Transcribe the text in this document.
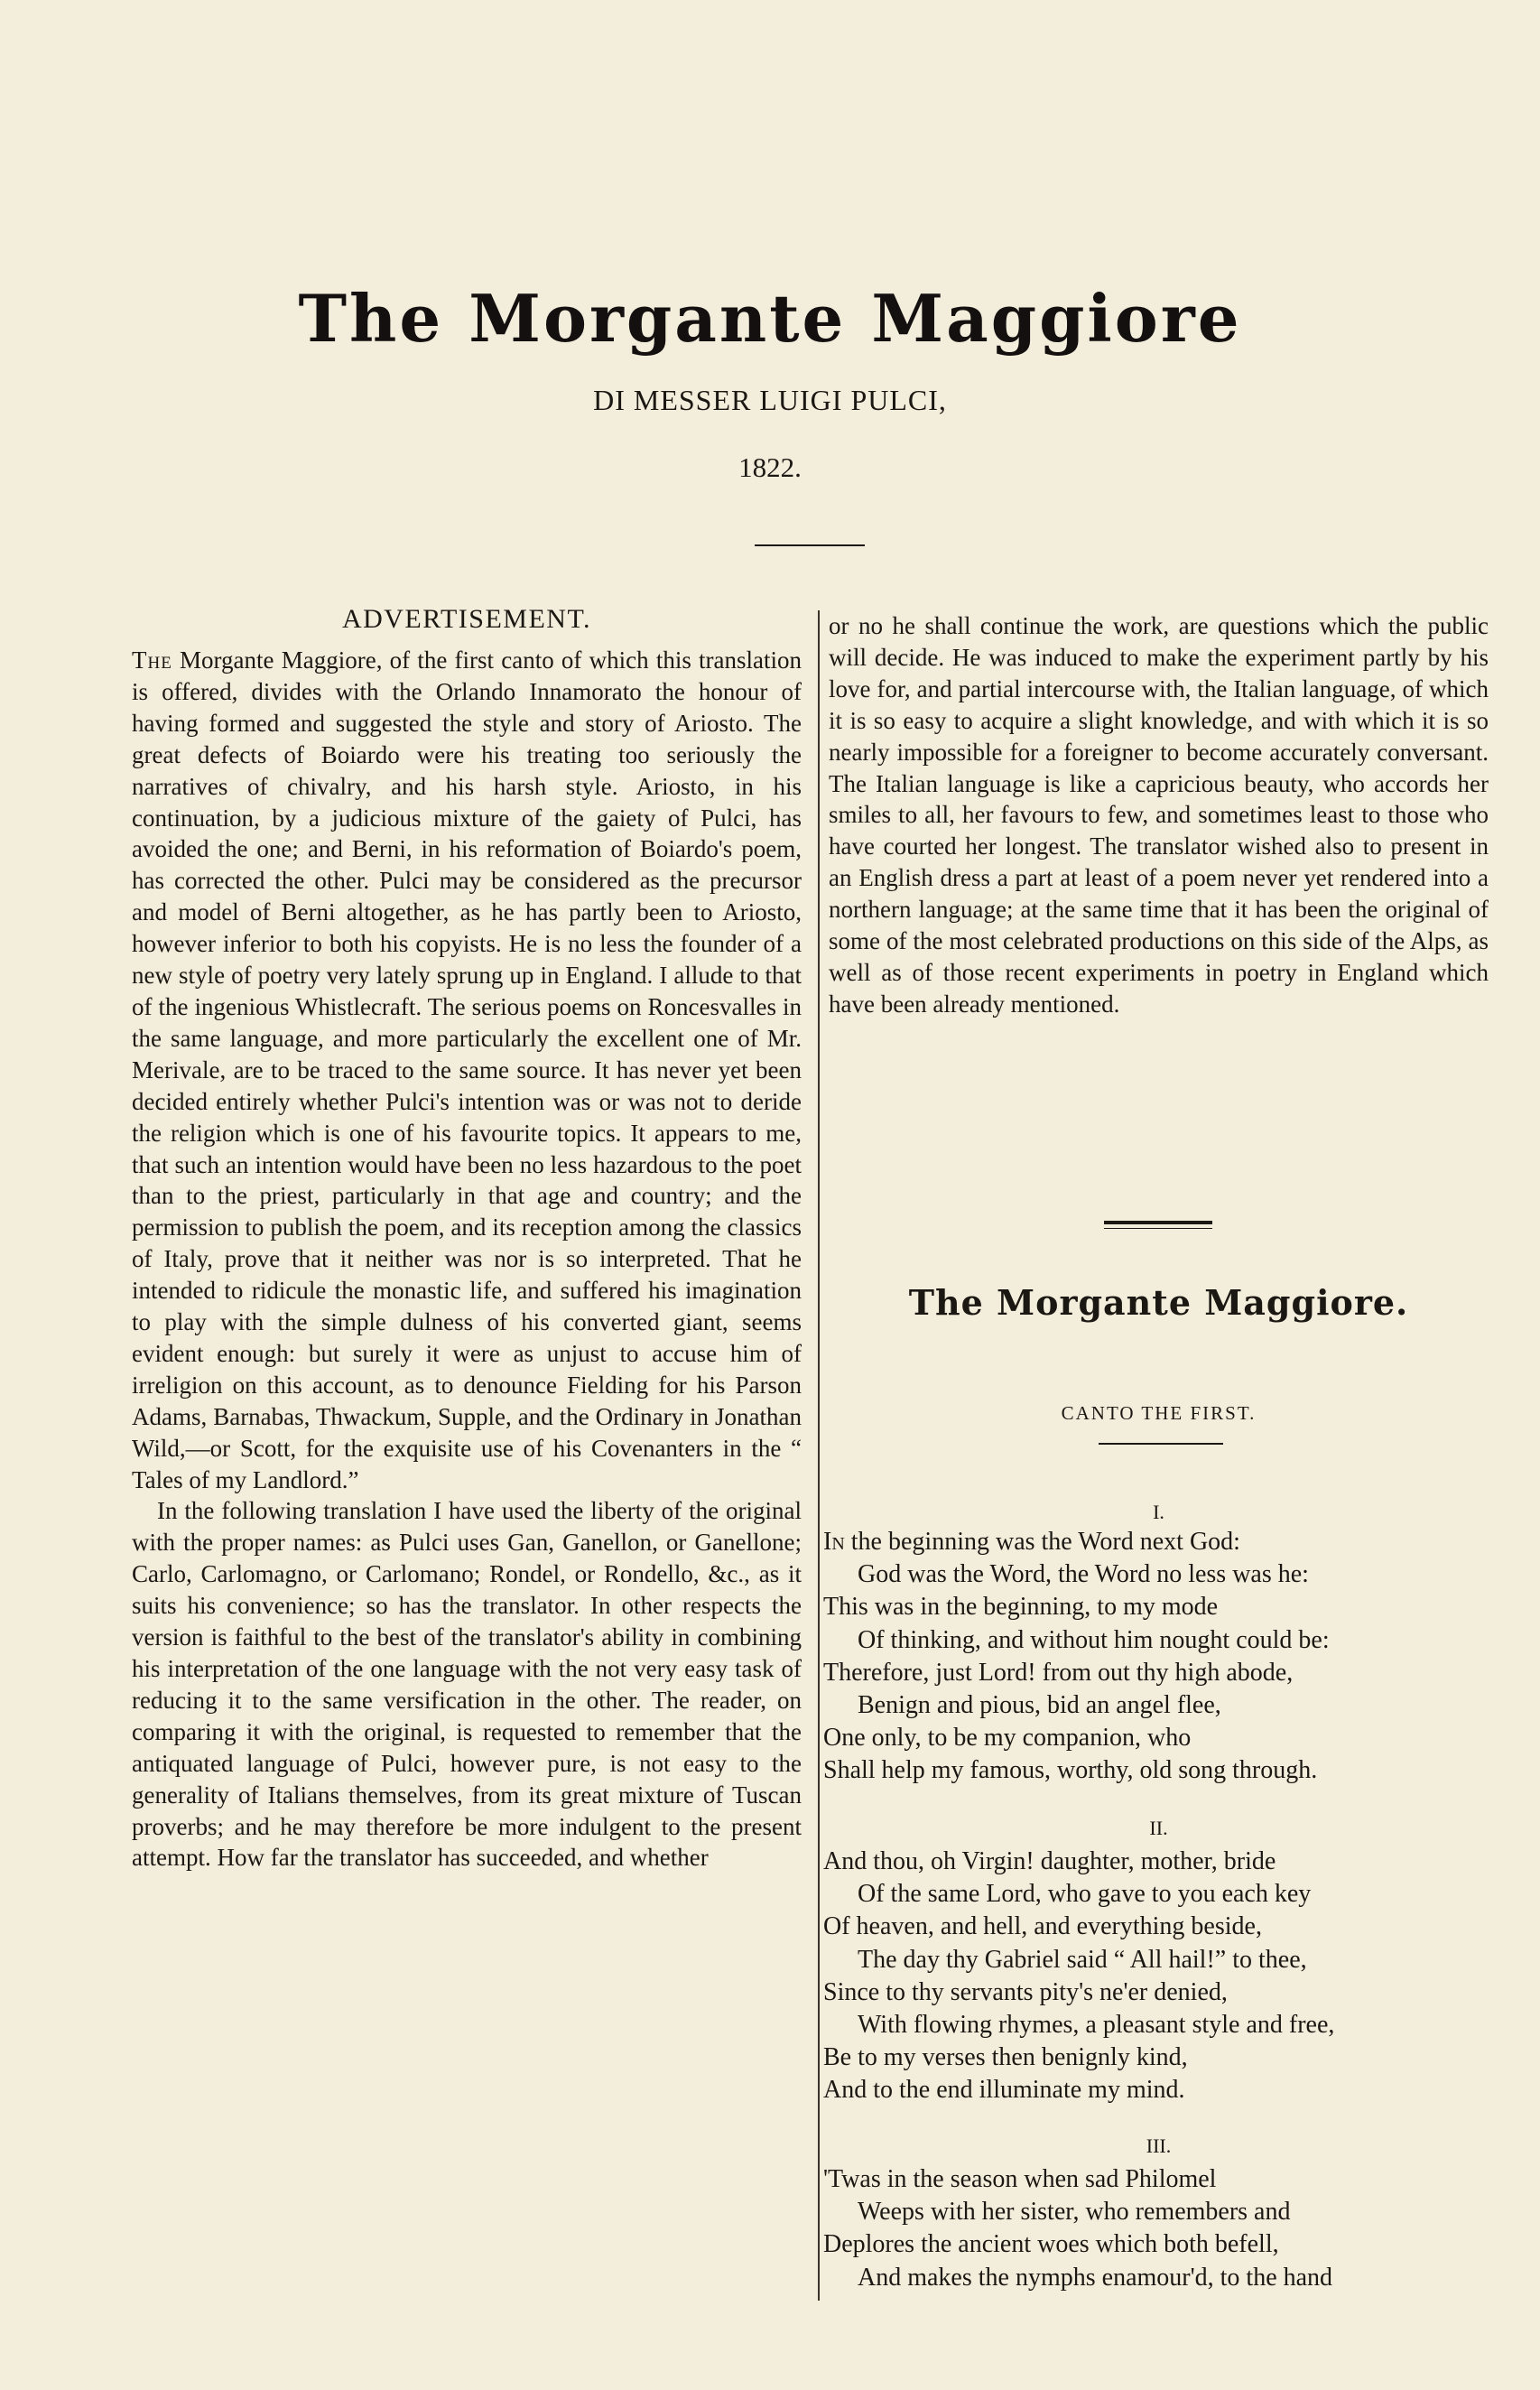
The Morgante Maggiore
DI MESSER LUIGI PULCI,
1822.
ADVERTISEMENT.

The Morgante Maggiore, of the first canto of which this translation is offered, divides with the Orlando Innamorato the honour of having formed and suggested the style and story of Ariosto. The great defects of Boiardo were his treating too seriously the narratives of chivalry, and his harsh style. Ariosto, in his continuation, by a judicious mixture of the gaiety of Pulci, has avoided the one; and Berni, in his reformation of Boiardo's poem, has corrected the other. Pulci may be considered as the precursor and model of Berni altogether, as he has partly been to Ariosto, however inferior to both his copyists. He is no less the founder of a new style of poetry very lately sprung up in England. I allude to that of the ingenious Whistlecraft. The serious poems on Roncesvalles in the same language, and more particularly the excellent one of Mr. Merivale, are to be traced to the same source. It has never yet been decided entirely whether Pulci's intention was or was not to deride the religion which is one of his favourite topics. It appears to me, that such an intention would have been no less hazardous to the poet than to the priest, particularly in that age and country; and the permission to publish the poem, and its reception among the classics of Italy, prove that it neither was nor is so interpreted. That he intended to ridicule the monastic life, and suffered his imagination to play with the simple dulness of his converted giant, seems evident enough: but surely it were as unjust to accuse him of irreligion on this account, as to denounce Fielding for his Parson Adams, Barnabas, Thwackum, Supple, and the Ordinary in Jonathan Wild,—or Scott, for the exquisite use of his Covenanters in the “ Tales of my Landlord.”

In the following translation I have used the liberty of the original with the proper names: as Pulci uses Gan, Ganellon, or Ganellone; Carlo, Carlomagno, or Carlomano; Rondel, or Rondello, &c., as it suits his convenience; so has the translator. In other respects the version is faithful to the best of the translator's ability in combining his interpretation of the one language with the not very easy task of reducing it to the same versification in the other. The reader, on comparing it with the original, is requested to remember that the antiquated language of Pulci, however pure, is not easy to the generality of Italians themselves, from its great mixture of Tuscan proverbs; and he may therefore be more indulgent to the present attempt. How far the translator has succeeded, and whether

or no he shall continue the work, are questions which the public will decide. He was induced to make the experiment partly by his love for, and partial intercourse with, the Italian language, of which it is so easy to acquire a slight knowledge, and with which it is so nearly impossible for a foreigner to become accurately conversant. The Italian language is like a capricious beauty, who accords her smiles to all, her favours to few, and sometimes least to those who have courted her longest. The translator wished also to present in an English dress a part at least of a poem never yet rendered into a northern language; at the same time that it has been the original of some of the most celebrated productions on this side of the Alps, as well as of those recent experiments in poetry in England which have been already mentioned.

The Morgante Maggiore.
CANTO THE FIRST.
I.
In the beginning was the Word next God:
God was the Word, the Word no less was he:
This was in the beginning, to my mode
Of thinking, and without him nought could be:
Therefore, just Lord! from out thy high abode,
Benign and pious, bid an angel flee,
One only, to be my companion, who
Shall help my famous, worthy, old song through.
II.
And thou, oh Virgin! daughter, mother, bride
Of the same Lord, who gave to you each key
Of heaven, and hell, and everything beside,
The day thy Gabriel said “ All hail!” to thee,
Since to thy servants pity's ne'er denied,
With flowing rhymes, a pleasant style and free,
Be to my verses then benignly kind,
And to the end illuminate my mind.
III.
'Twas in the season when sad Philomel
Weeps with her sister, who remembers and
Deplores the ancient woes which both befell,
And makes the nymphs enamour'd, to the hand
